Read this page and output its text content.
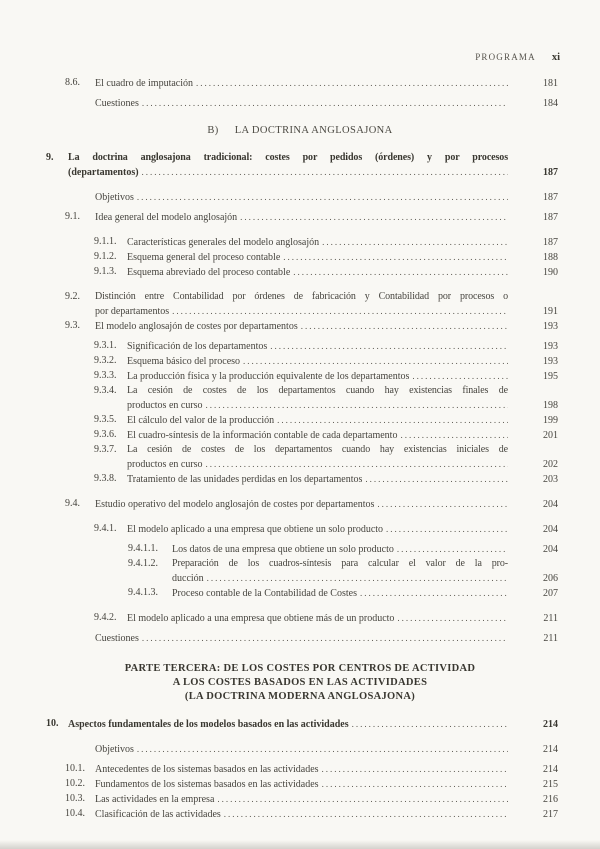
PROGRAMA xi
8.6.	El cuadro de imputación .....	181
Cuestiones .....	184
B) LA DOCTRINA ANGLOSAJONA
9.	La doctrina anglosajona tradicional: costes por pedidos (órdenes) y por procesos
(departamentos) .....	187
Objetivos .....	187
9.1.	Idea general del modelo anglosajón .....	187
9.1.1.	Características generales del modelo anglosajón .....	187
9.1.2.	Esquema general del proceso contable .....	188
9.1.3.	Esquema abreviado del proceso contable .....	190
9.2.	Distinción entre Contabilidad por órdenes de fabricación y Contabilidad por procesos o
por departamentos .....	191
9.3.	El modelo anglosajón de costes por departamentos .....	193
9.3.1.	Significación de los departamentos .....	193
9.3.2.	Esquema básico del proceso .....	193
9.3.3.	La producción física y la producción equivalente de los departamentos .....	195
9.3.4.	La cesión de costes de los departamentos cuando hay existencias finales de
productos en curso .....	198
9.3.5.	El cálculo del valor de la producción .....	199
9.3.6.	El cuadro-síntesis de la información contable de cada departamento .....	201
9.3.7.	La cesión de costes de los departamentos cuando hay existencias iniciales de
productos en curso .....	202
9.3.8.	Tratamiento de las unidades perdidas en los departamentos .....	203
9.4.	Estudio operativo del modelo anglosajón de costes por departamentos .....	204
9.4.1.	El modelo aplicado a una empresa que obtiene un solo producto .....	204
9.4.1.1.	Los datos de una empresa que obtiene un solo producto .....	204
9.4.1.2.	Preparación de los cuadros-síntesis para calcular el valor de la pro-
ducción .....	206
9.4.1.3.	Proceso contable de la Contabilidad de Costes .....	207
9.4.2.	El modelo aplicado a una empresa que obtiene más de un producto .....	211
Cuestiones .....	211
PARTE TERCERA: DE LOS COSTES POR CENTROS DE ACTIVIDAD
A LOS COSTES BASADOS EN LAS ACTIVIDADES
(LA DOCTRINA MODERNA ANGLOSAJONA)
10. Aspectos fundamentales de los modelos basados en las actividades .....	214
Objetivos .....	214
10.1.	Antecedentes de los sistemas basados en las actividades .....	214
10.2.	Fundamentos de los sistemas basados en las actividades .....	215
10.3.	Las actividades en la empresa .....	216
10.4.	Clasificación de las actividades .....	217
